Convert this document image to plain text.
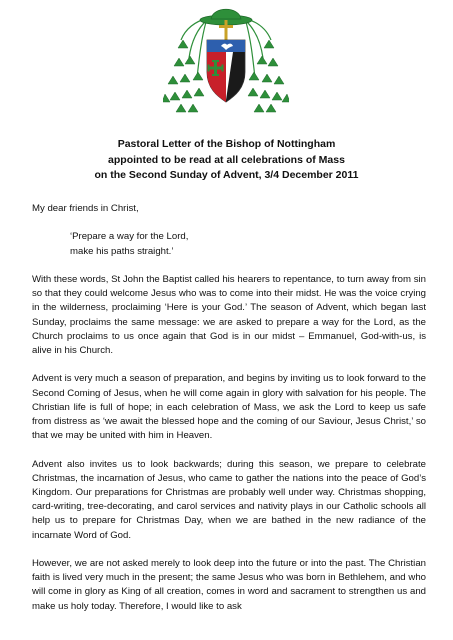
Pastoral Letter of the Bishop of Nottingham
appointed to be read at all celebrations of Mass
on the Second Sunday of Advent, 3/4 December 2011
My dear friends in Christ,
‘Prepare a way for the Lord,
make his paths straight.’

With these words, St John the Baptist called his hearers to repentance, to turn away from sin so that they could welcome Jesus who was to come into their midst. He was the voice crying in the wilderness, proclaiming ‘Here is your God.’ The season of Advent, which began last Sunday, proclaims the same message: we are asked to prepare a way for the Lord, as the Church proclaims to us once again that God is in our midst – Emmanuel, God-with-us, is alive in his Church.

Advent is very much a season of preparation, and begins by inviting us to look forward to the Second Coming of Jesus, when he will come again in glory with salvation for his people. The Christian life is full of hope; in each celebration of Mass, we ask the Lord to keep us safe from distress as ‘we await the blessed hope and the coming of our Saviour, Jesus Christ,’ so that we may be united with him in Heaven.

Advent also invites us to look backwards; during this season, we prepare to celebrate Christmas, the incarnation of Jesus, who came to gather the nations into the peace of God’s Kingdom. Our preparations for Christmas are probably well under way. Christmas shopping, card-writing, tree-decorating, and carol services and nativity plays in our Catholic schools all help us to prepare for Christmas Day, when we are bathed in the new radiance of the incarnate Word of God.

However, we are not asked merely to look deep into the future or into the past. The Christian faith is lived very much in the present; the same Jesus who was born in Bethlehem, and who will come in glory as King of all creation, comes in word and sacrament to strengthen us and make us holy today. Therefore, I would like to ask
